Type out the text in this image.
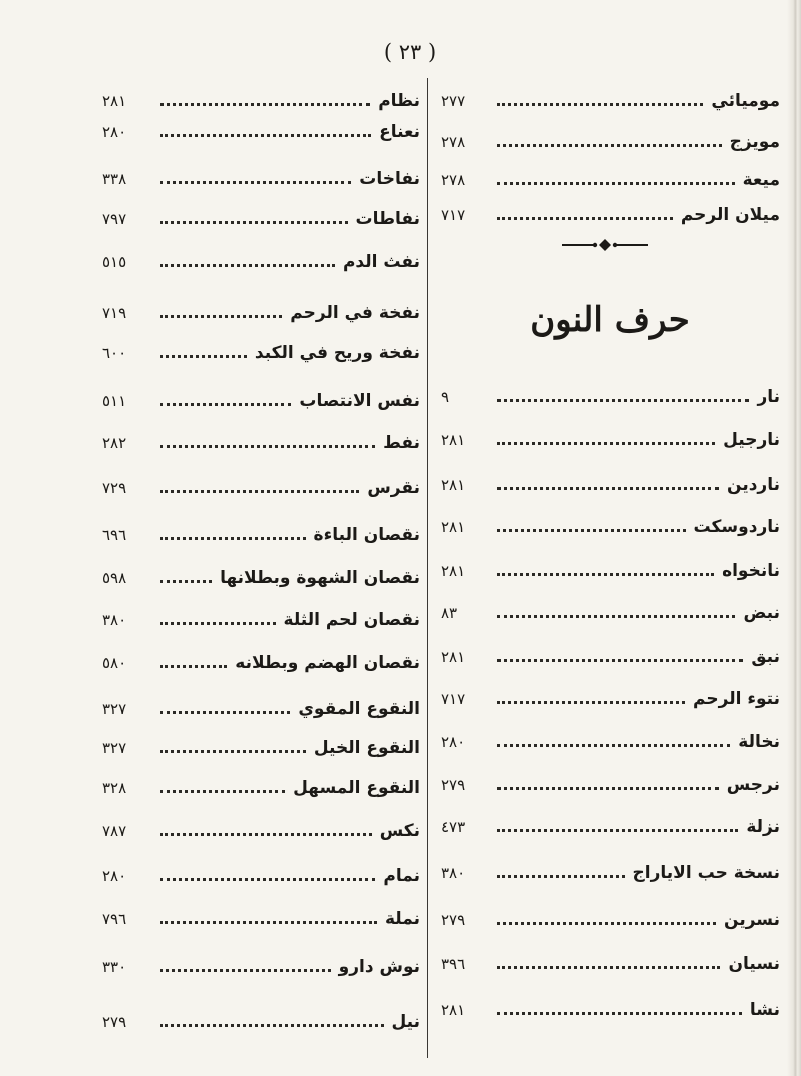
( ٢٣ )
نظام
٢٨١
نعناع
٢٨٠
نفاخات
٣٣٨
نفاطات
٧٩٧
نفث الدم
٥١٥
نفخة في الرحم
٧١٩
نفخة وريح في الكبد
٦٠٠
نفس الانتصاب
٥١١
نفط
٢٨٢
نقرس
٧٢٩
نقصان الباءة
٦٩٦
نقصان الشهوة وبطلانها
٥٩٨
نقصان لحم الثلة
٣٨٠
نقصان الهضم وبطلانه
٥٨٠
النقوع المقوي
٣٢٧
النقوع الخيل
٣٢٧
النقوع المسهل
٣٢٨
نكس
٧٨٧
نمام
٢٨٠
نملة
٧٩٦
نوش دارو
٣٣٠
نيل
٢٧٩
موميائي
٢٧٧
مويزج
٢٧٨
ميعة
٢٧٨
ميلان الرحم
٧١٧
نار
٩
نارجيل
٢٨١
ناردين
٢٨١
ناردوسكت
٢٨١
نانخواه
٢٨١
نبض
٨٣
نبق
٢٨١
نتوء الرحم
٧١٧
نخالة
٢٨٠
نرجس
٢٧٩
نزلة
٤٧٣
نسخة حب الاياراج
٣٨٠
نسرين
٢٧٩
نسيان
٣٩٦
نشا
٢٨١
حرف النون
